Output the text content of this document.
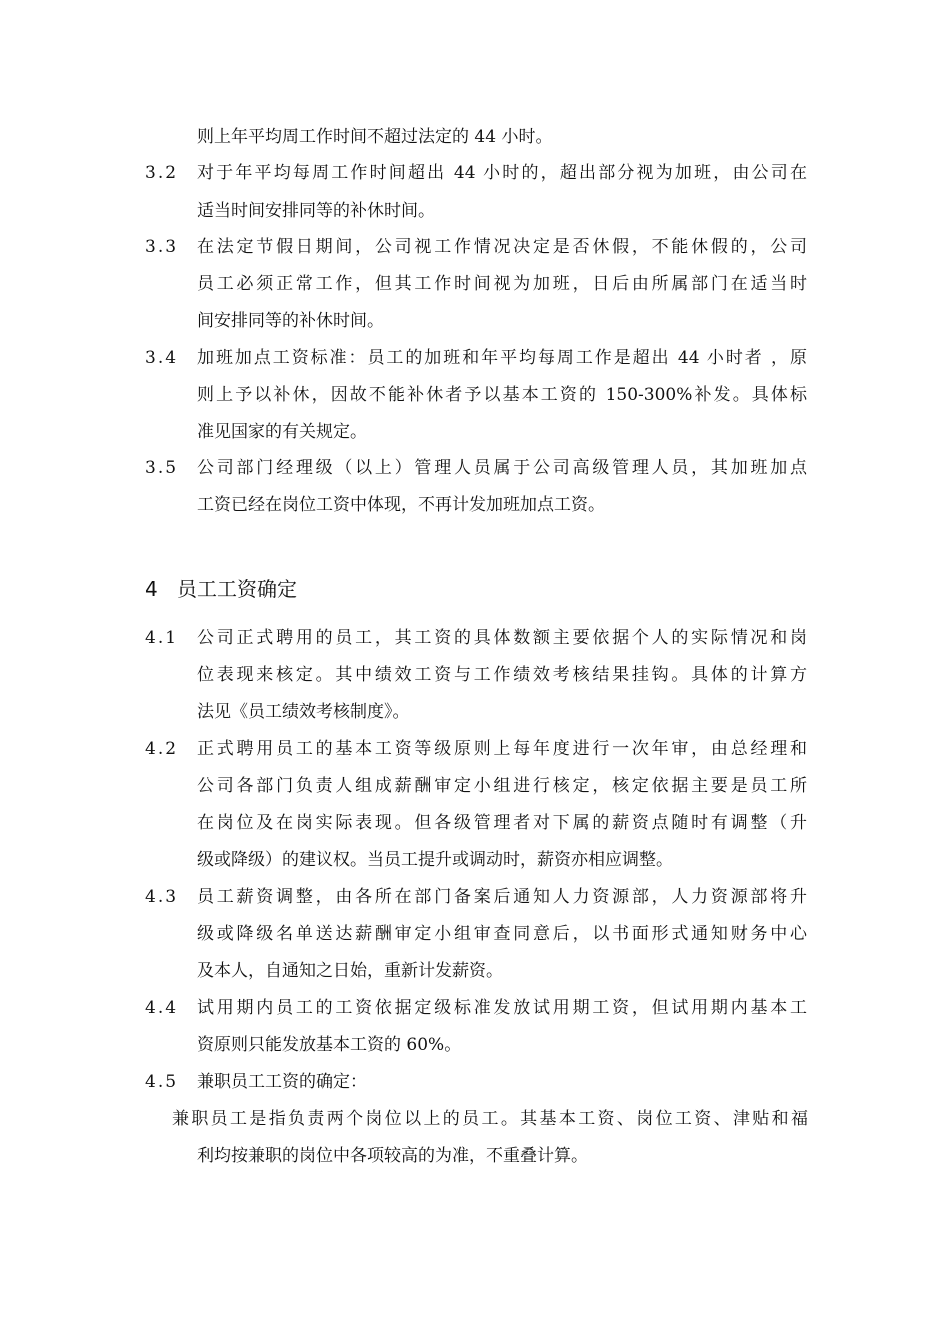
则上年平均周工作时间不超过法定的 44 小时。
3.2 对于年平均每周工作时间超出 44 小时的，超出部分视为加班，由公司在
适当时间安排同等的补休时间。
3.3 在法定节假日期间，公司视工作情况决定是否休假，不能休假的，公司
员工必须正常工作，但其工作时间视为加班，日后由所属部门在适当时
间安排同等的补休时间。
3.4 加班加点工资标准：员工的加班和年平均每周工作是超出 44 小时者 ，原
则上予以补休，因故不能补休者予以基本工资的 150-300%补发。具体标
准见国家的有关规定。
3.5 公司部门经理级（以上）管理人员属于公司高级管理人员，其加班加点
工资已经在岗位工资中体现，不再计发加班加点工资。
4 员工工资确定
4.1 公司正式聘用的员工，其工资的具体数额主要依据个人的实际情况和岗
位表现来核定。其中绩效工资与工作绩效考核结果挂钩。具体的计算方
法见《员工绩效考核制度》。
4.2 正式聘用员工的基本工资等级原则上每年度进行一次年审，由总经理和
公司各部门负责人组成薪酬审定小组进行核定，核定依据主要是员工所
在岗位及在岗实际表现。但各级管理者对下属的薪资点随时有调整（升
级或降级）的建议权。当员工提升或调动时，薪资亦相应调整。
4.3 员工薪资调整，由各所在部门备案后通知人力资源部，人力资源部将升
级或降级名单送达薪酬审定小组审查同意后，以书面形式通知财务中心
及本人，自通知之日始，重新计发薪资。
4.4 试用期内员工的工资依据定级标准发放试用期工资，但试用期内基本工
资原则只能发放基本工资的 60%。
4.5 兼职员工工资的确定：
兼职员工是指负责两个岗位以上的员工。其基本工资、岗位工资、津贴和福
利均按兼职的岗位中各项较高的为准，不重叠计算。
